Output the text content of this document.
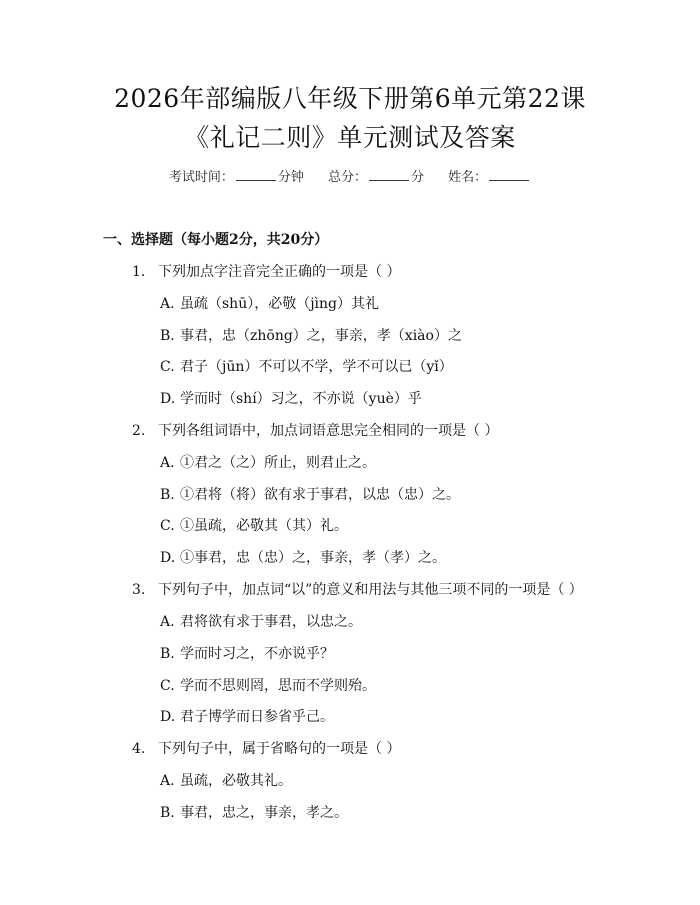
2026年部编版八年级下册第6单元第22课
《礼记二则》单元测试及答案
考试时间：	分钟 总分：	分 姓名：
一、选择题（每小题2分，共20分）
1. 下列加点字注音完全正确的一项是（ ）
A. 虽疏（shū），必敬（jìng）其礼
B. 事君，忠（zhōng）之，事亲，孝（xiào）之
C. 君子（jūn）不可以不学，学不可以已（yǐ）
D. 学而时（shí）习之，不亦说（yuè）乎
2. 下列各组词语中，加点词语意思完全相同的一项是（ ）
A. ①君之（之）所止，则君止之。
B. ①君将（将）欲有求于事君，以忠（忠）之。
C. ①虽疏，必敬其（其）礼。
D. ①事君，忠（忠）之，事亲，孝（孝）之。
3. 下列句子中，加点词“以”的意义和用法与其他三项不同的一项是（ ）
A. 君将欲有求于事君，以忠之。
B. 学而时习之，不亦说乎？
C. 学而不思则罔，思而不学则殆。
D. 君子博学而日参省乎己。
4. 下列句子中，属于省略句的一项是（ ）
A. 虽疏，必敬其礼。
B. 事君，忠之，事亲，孝之。
